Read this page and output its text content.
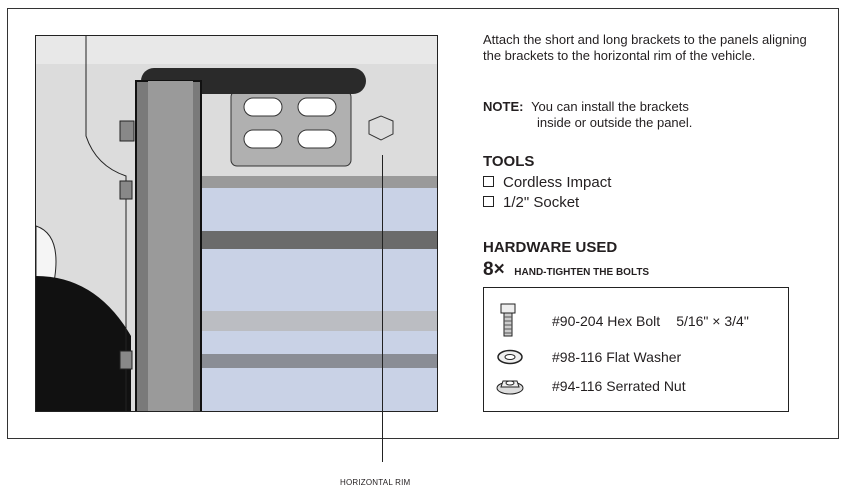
HORIZONTAL RIM
Attach the short and long brackets to the panels aligning the brackets to the horizontal rim of the vehicle.
NOTE: You can install the brackets
inside or outside the panel.
TOOLS
Cordless Impact
1/2" Socket
HARDWARE USED
8× HAND-TIGHTEN THE BOLTS
#90-204 Hex Bolt 5/16" × 3/4"
#98-116 Flat Washer
#94-116 Serrated Nut
